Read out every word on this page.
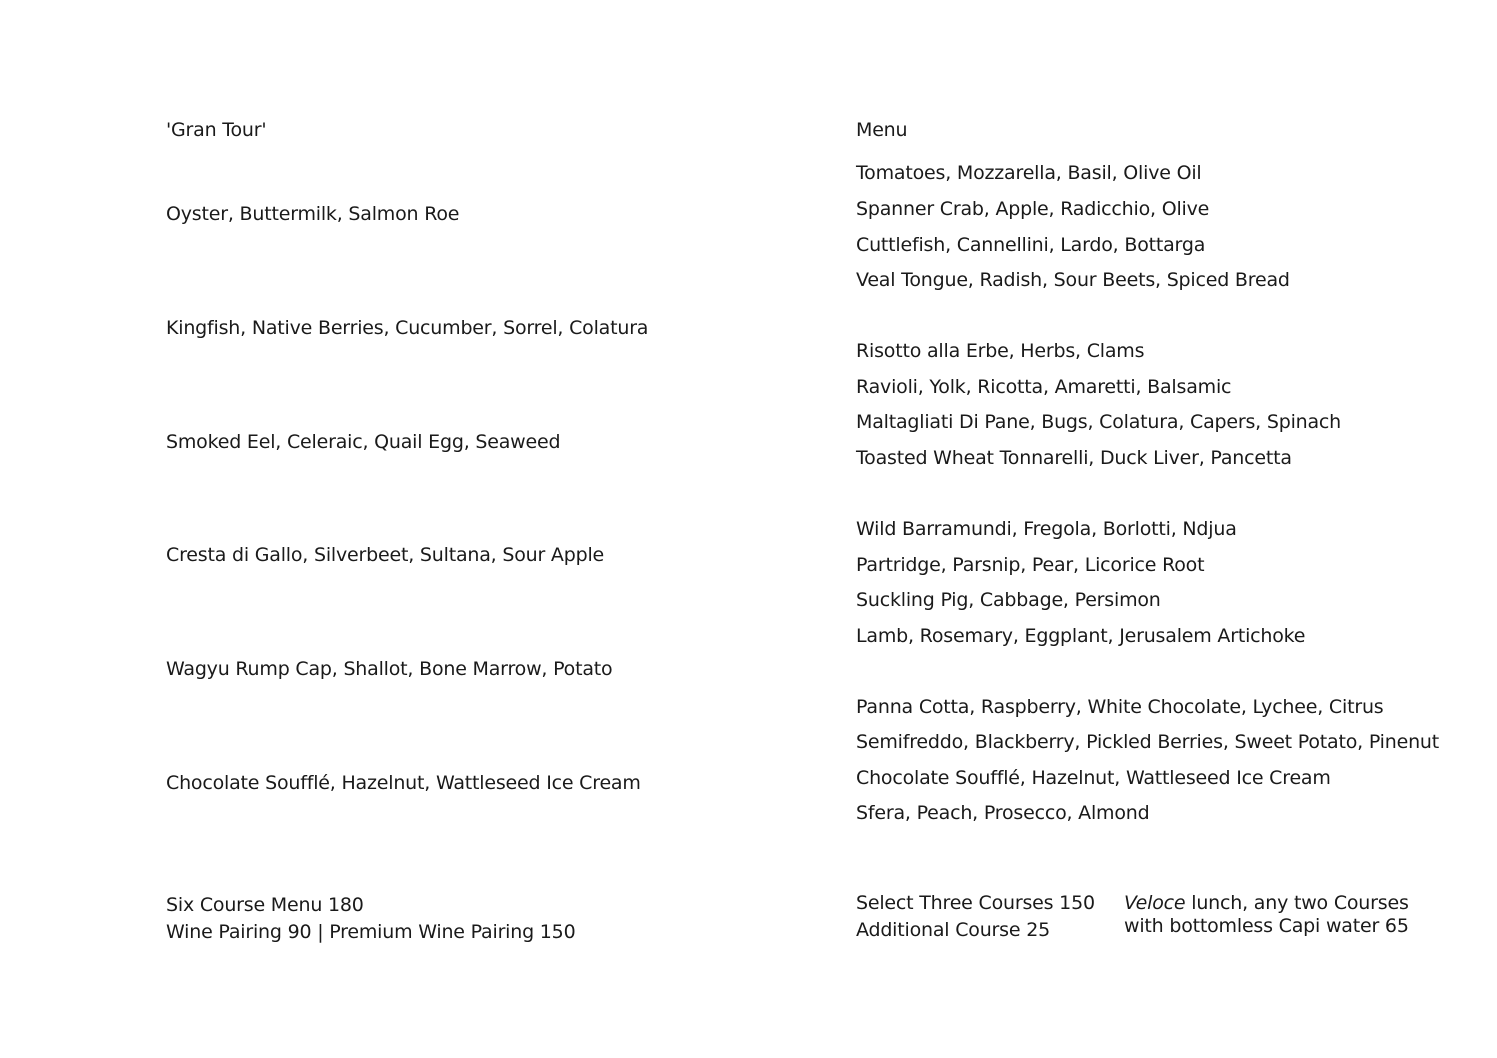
'Gran Tour'
Oyster, Buttermilk, Salmon Roe
Kingfish, Native Berries, Cucumber, Sorrel, Colatura
Smoked Eel, Celeraic, Quail Egg, Seaweed
Cresta di Gallo, Silverbeet, Sultana, Sour Apple
Wagyu Rump Cap, Shallot, Bone Marrow, Potato
Chocolate Soufflé, Hazelnut, Wattleseed Ice Cream
Six Course Menu 180
Wine Pairing 90 | Premium Wine Pairing 150
Menu
Tomatoes, Mozzarella, Basil, Olive Oil
Spanner Crab, Apple, Radicchio, Olive
Cuttlefish, Cannellini, Lardo, Bottarga
Veal Tongue, Radish, Sour Beets, Spiced Bread
Risotto alla Erbe, Herbs, Clams
Ravioli, Yolk, Ricotta, Amaretti, Balsamic
Maltagliati Di Pane, Bugs, Colatura, Capers, Spinach
Toasted Wheat Tonnarelli, Duck Liver, Pancetta
Wild Barramundi, Fregola, Borlotti, Ndjua
Partridge, Parsnip, Pear, Licorice Root
Suckling Pig, Cabbage, Persimon
Lamb, Rosemary, Eggplant, Jerusalem Artichoke
Panna Cotta, Raspberry, White Chocolate, Lychee, Citrus
Semifreddo, Blackberry, Pickled Berries, Sweet Potato, Pinenut
Chocolate Soufflé, Hazelnut, Wattleseed Ice Cream
Sfera, Peach, Prosecco, Almond
Select Three Courses 150
Additional Course 25
Veloce lunch, any two Courses
with bottomless Capi water 65
